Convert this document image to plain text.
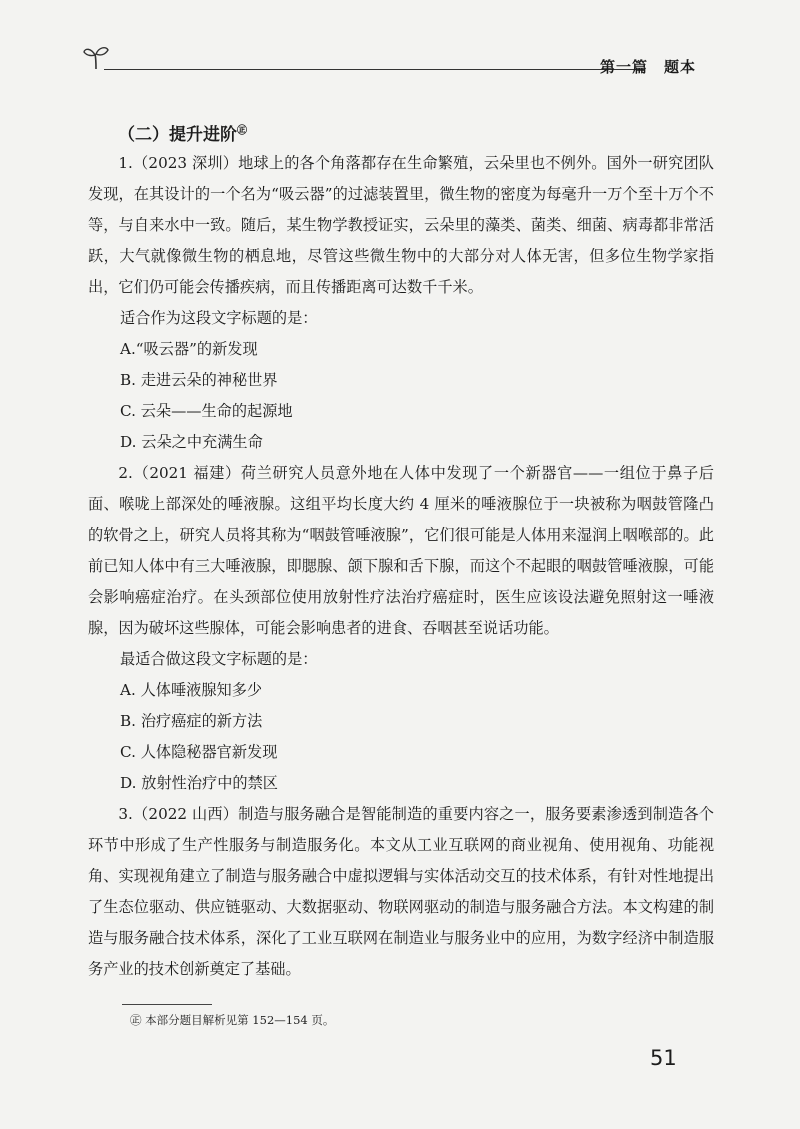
第一篇　题本
（二）提升进阶㊣

1.（2023 深圳）地球上的各个角落都存在生命繁殖，云朵里也不例外。国外一研究团队发现，在其设计的一个名为“吸云器”的过滤装置里，微生物的密度为每毫升一万个至十万个不等，与自来水中一致。随后，某生物学教授证实，云朵里的藻类、菌类、细菌、病毒都非常活跃，大气就像微生物的栖息地，尽管这些微生物中的大部分对人体无害，但多位生物学家指出，它们仍可能会传播疾病，而且传播距离可达数千千米。

适合作为这段文字标题的是：

A.“吸云器”的新发现

B. 走进云朵的神秘世界

C. 云朵——生命的起源地

D. 云朵之中充满生命

2.（2021 福建）荷兰研究人员意外地在人体中发现了一个新器官——一组位于鼻子后面、喉咙上部深处的唾液腺。这组平均长度大约 4 厘米的唾液腺位于一块被称为咽鼓管隆凸的软骨之上，研究人员将其称为“咽鼓管唾液腺”，它们很可能是人体用来湿润上咽喉部的。此前已知人体中有三大唾液腺，即腮腺、颌下腺和舌下腺，而这个不起眼的咽鼓管唾液腺，可能会影响癌症治疗。在头颈部位使用放射性疗法治疗癌症时，医生应该设法避免照射这一唾液腺，因为破坏这些腺体，可能会影响患者的进食、吞咽甚至说话功能。

最适合做这段文字标题的是：

A. 人体唾液腺知多少

B. 治疗癌症的新方法

C. 人体隐秘器官新发现

D. 放射性治疗中的禁区

3.（2022 山西）制造与服务融合是智能制造的重要内容之一，服务要素渗透到制造各个环节中形成了生产性服务与制造服务化。本文从工业互联网的商业视角、使用视角、功能视角、实现视角建立了制造与服务融合中虚拟逻辑与实体活动交互的技术体系，有针对性地提出了生态位驱动、供应链驱动、大数据驱动、物联网驱动的制造与服务融合方法。本文构建的制造与服务融合技术体系，深化了工业互联网在制造业与服务业中的应用，为数字经济中制造服务产业的技术创新奠定了基础。

㊣ 本部分题目解析见第 152—154 页。
51
